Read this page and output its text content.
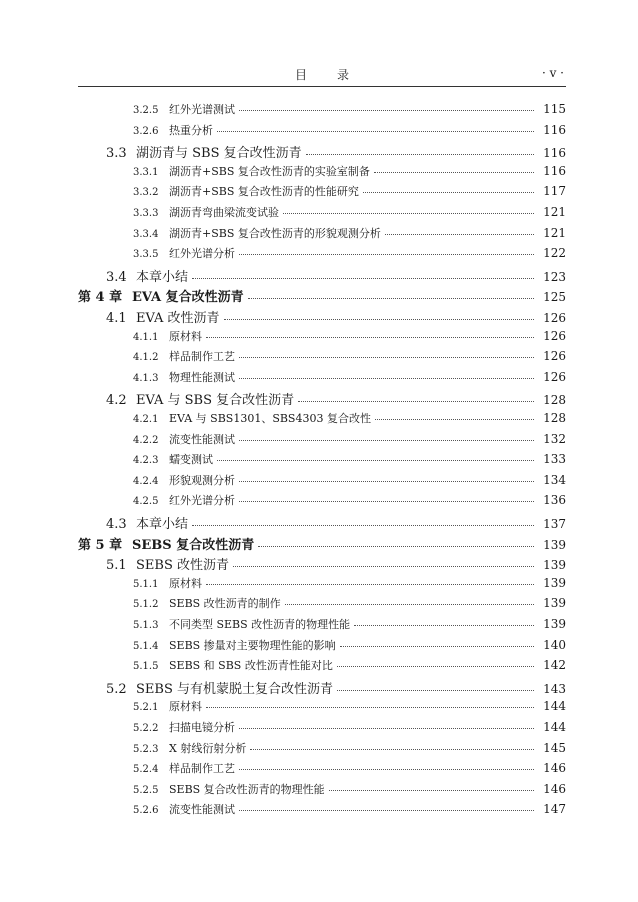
目录	· v ·
3.2.5 红外光谱测试	115
3.2.6 热重分析	116
3.3 湖沥青与 SBS 复合改性沥青	116
3.3.1 湖沥青+SBS 复合改性沥青的实验室制备	116
3.3.2 湖沥青+SBS 复合改性沥青的性能研究	117
3.3.3 湖沥青弯曲梁流变试验	121
3.3.4 湖沥青+SBS 复合改性沥青的形貌观测分析	121
3.3.5 红外光谱分析	122
3.4 本章小结	123
第 4 章 EVA 复合改性沥青	125
4.1 EVA 改性沥青	126
4.1.1 原材料	126
4.1.2 样品制作工艺	126
4.1.3 物理性能测试	126
4.2 EVA 与 SBS 复合改性沥青	128
4.2.1 EVA 与 SBS1301、SBS4303 复合改性	128
4.2.2 流变性能测试	132
4.2.3 蠕变测试	133
4.2.4 形貌观测分析	134
4.2.5 红外光谱分析	136
4.3 本章小结	137
第 5 章 SEBS 复合改性沥青	139
5.1 SEBS 改性沥青	139
5.1.1 原材料	139
5.1.2 SEBS 改性沥青的制作	139
5.1.3 不同类型 SEBS 改性沥青的物理性能	139
5.1.4 SEBS 掺量对主要物理性能的影响	140
5.1.5 SEBS 和 SBS 改性沥青性能对比	142
5.2 SEBS 与有机蒙脱土复合改性沥青	143
5.2.1 原材料	144
5.2.2 扫描电镜分析	144
5.2.3 X 射线衍射分析	145
5.2.4 样品制作工艺	146
5.2.5 SEBS 复合改性沥青的物理性能	146
5.2.6 流变性能测试	147
